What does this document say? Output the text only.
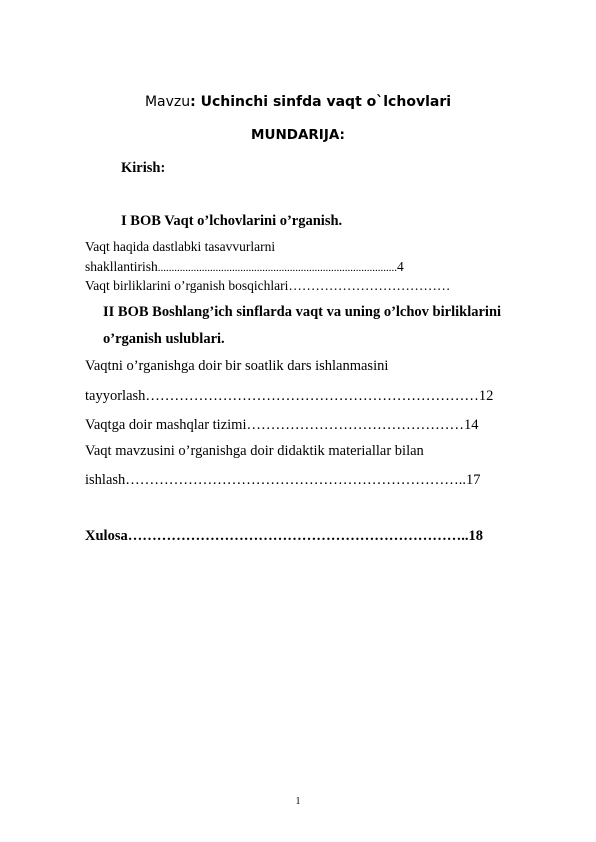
Mavzu: Uchinchi sinfda vaqt o`lchovlari
MUNDARIJA:
Kirish:
I BOB Vaqt o’lchovlarini o’rganish.
Vaqt haqida dastlabki tasavvurlarni
shakllantirish.......................................................................................4
Vaqt birliklarini o’rganish bosqichlari………………………………
II BOB Boshlang’ich sinflarda vaqt va uning o’lchov birliklarini
o’rganish uslublari.
Vaqtni o’rganishga doir bir soatlik dars ishlanmasini
tayyorlash……………………………………………………………12
Vaqtga doir mashqlar tizimi………………………………………14
Vaqt mavzusini o’rganishga doir didaktik materiallar bilan
ishlash……………………………………………………………..17
Xulosa……………………………………………………………..18
1
